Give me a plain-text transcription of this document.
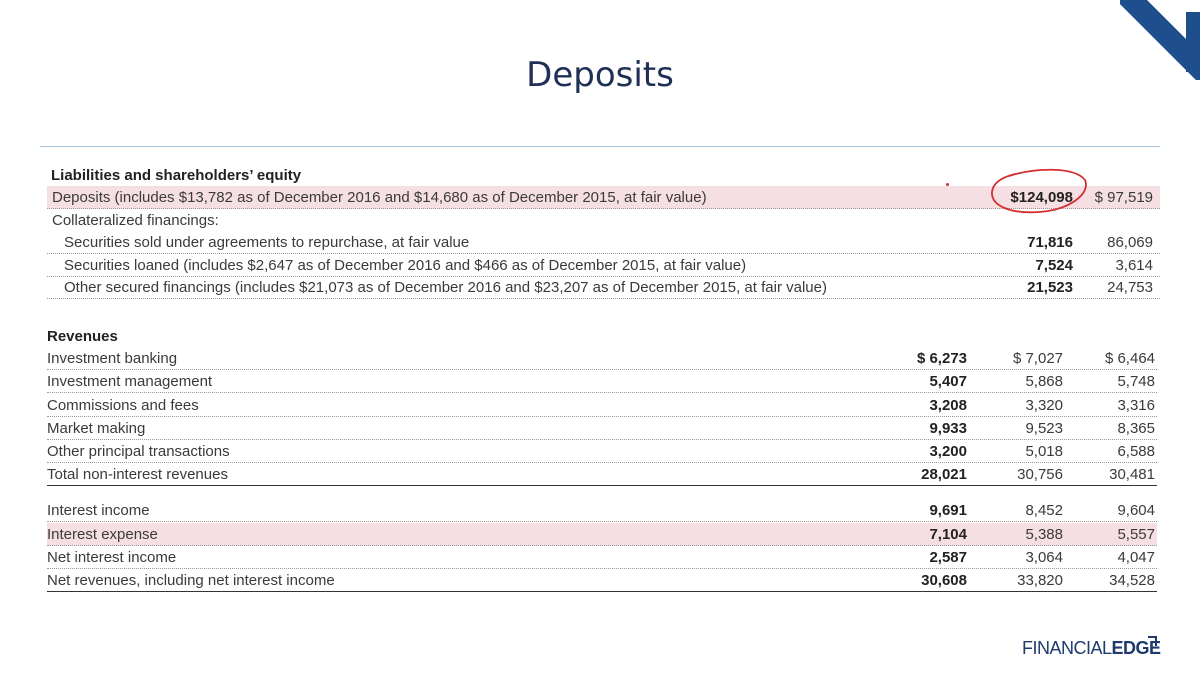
Deposits
Liabilities and shareholders’ equity
Deposits (includes $13,782 as of December 2016 and $14,680 as of December 2015, at fair value)	$124,098 $ 97,519
Collateralized financings:
Securities sold under agreements to repurchase, at fair value	71,816 86,069
Securities loaned (includes $2,647 as of December 2016 and $466 as of December 2015, at fair value)	7,524	3,614
Other secured financings (includes $21,073 as of December 2016 and $23,207 as of December 2015, at fair value)	21,523 24,753
Revenues
Investment banking	$ 6,273	$ 7,027	$ 6,464
Investment management	5,407	5,868	5,748
Commissions and fees	3,208	3,320	3,316
Market making	9,933	9,523	8,365
Other principal transactions	3,200	5,018	6,588
Total non-interest revenues	28,021	30,756	30,481
Interest income	9,691	8,452	9,604
Interest expense	7,104	5,388	5,557
Net interest income	2,587	3,064	4,047
Net revenues, including net interest income	30,608	33,820	34,528
FINANCIALEDGE
